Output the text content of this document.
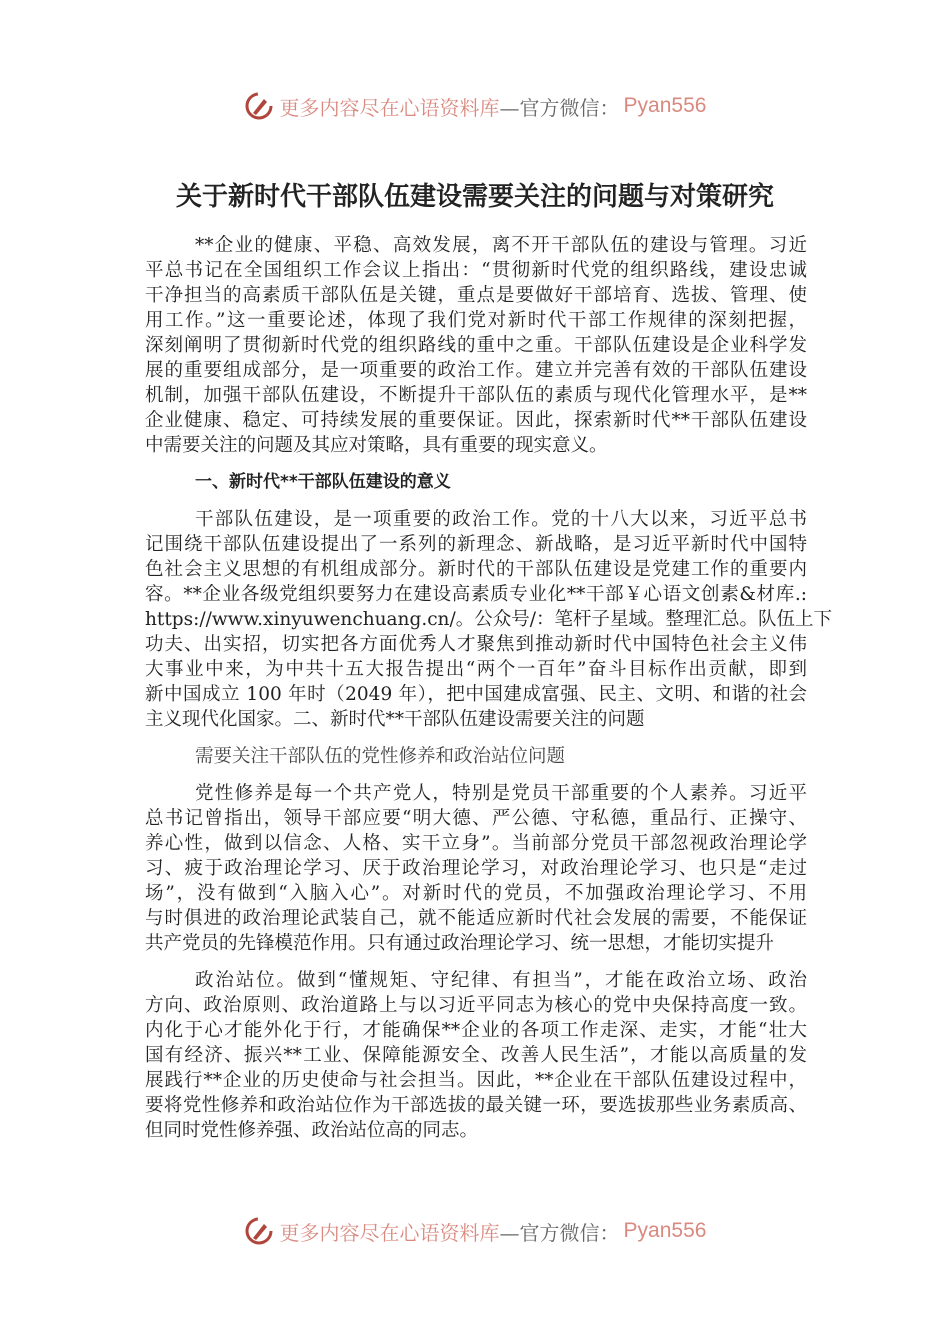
更多内容尽在心语资料库 —官方微信： Pyan556
关于新时代干部队伍建设需要关注的问题与对策研究
**企业的健康、平稳、高效发展，离不开干部队伍的建设与管理。习近
平总书记在全国组织工作会议上指出：“贯彻新时代党的组织路线，建设忠诚
干净担当的高素质干部队伍是关键，重点是要做好干部培育、选拔、管理、使
用工作。”这一重要论述，体现了我们党对新时代干部工作规律的深刻把握，
深刻阐明了贯彻新时代党的组织路线的重中之重。干部队伍建设是企业科学发
展的重要组成部分，是一项重要的政治工作。建立并完善有效的干部队伍建设
机制，加强干部队伍建设，不断提升干部队伍的素质与现代化管理水平，是**
企业健康、稳定、可持续发展的重要保证。因此，探索新时代**干部队伍建设
中需要关注的问题及其应对策略，具有重要的现实意义。
一、新时代**干部队伍建设的意义
干部队伍建设，是一项重要的政治工作。党的十八大以来，习近平总书
记围绕干部队伍建设提出了一系列的新理念、新战略，是习近平新时代中国特
色社会主义思想的有机组成部分。新时代的干部队伍建设是党建工作的重要内
容。**企业各级党组织要努力在建设高素质专业化**干部￥心语文创素&材库.:
https://www.xinyuwenchuang.cn/。公众号/：笔杆子星域。整理汇总。队伍上下
功夫、出实招，切实把各方面优秀人才聚焦到推动新时代中国特色社会主义伟
大事业中来，为中共十五大报告提出“两个一百年”奋斗目标作出贡献，即到
新中国成立 100 年时（2049 年），把中国建成富强、民主、文明、和谐的社会
主义现代化国家。二、新时代**干部队伍建设需要关注的问题
需要关注干部队伍的党性修养和政治站位问题
党性修养是每一个共产党人，特别是党员干部重要的个人素养。习近平
总书记曾指出，领导干部应要“明大德、严公德、守私德，重品行、正操守、
养心性，做到以信念、人格、实干立身”。当前部分党员干部忽视政治理论学
习、疲于政治理论学习、厌于政治理论学习，对政治理论学习、也只是“走过
场”，没有做到“入脑入心”。对新时代的党员，不加强政治理论学习、不用
与时俱进的政治理论武装自己，就不能适应新时代社会发展的需要，不能保证
共产党员的先锋模范作用。只有通过政治理论学习、统一思想，才能切实提升
政治站位。做到“懂规矩、守纪律、有担当”，才能在政治立场、政治
方向、政治原则、政治道路上与以习近平同志为核心的党中央保持高度一致。
内化于心才能外化于行，才能确保**企业的各项工作走深、走实，才能“壮大
国有经济、振兴**工业、保障能源安全、改善人民生活”，才能以高质量的发
展践行**企业的历史使命与社会担当。因此，**企业在干部队伍建设过程中，
要将党性修养和政治站位作为干部选拔的最关键一环，要选拔那些业务素质高、
但同时党性修养强、政治站位高的同志。
更多内容尽在心语资料库 —官方微信： Pyan556
